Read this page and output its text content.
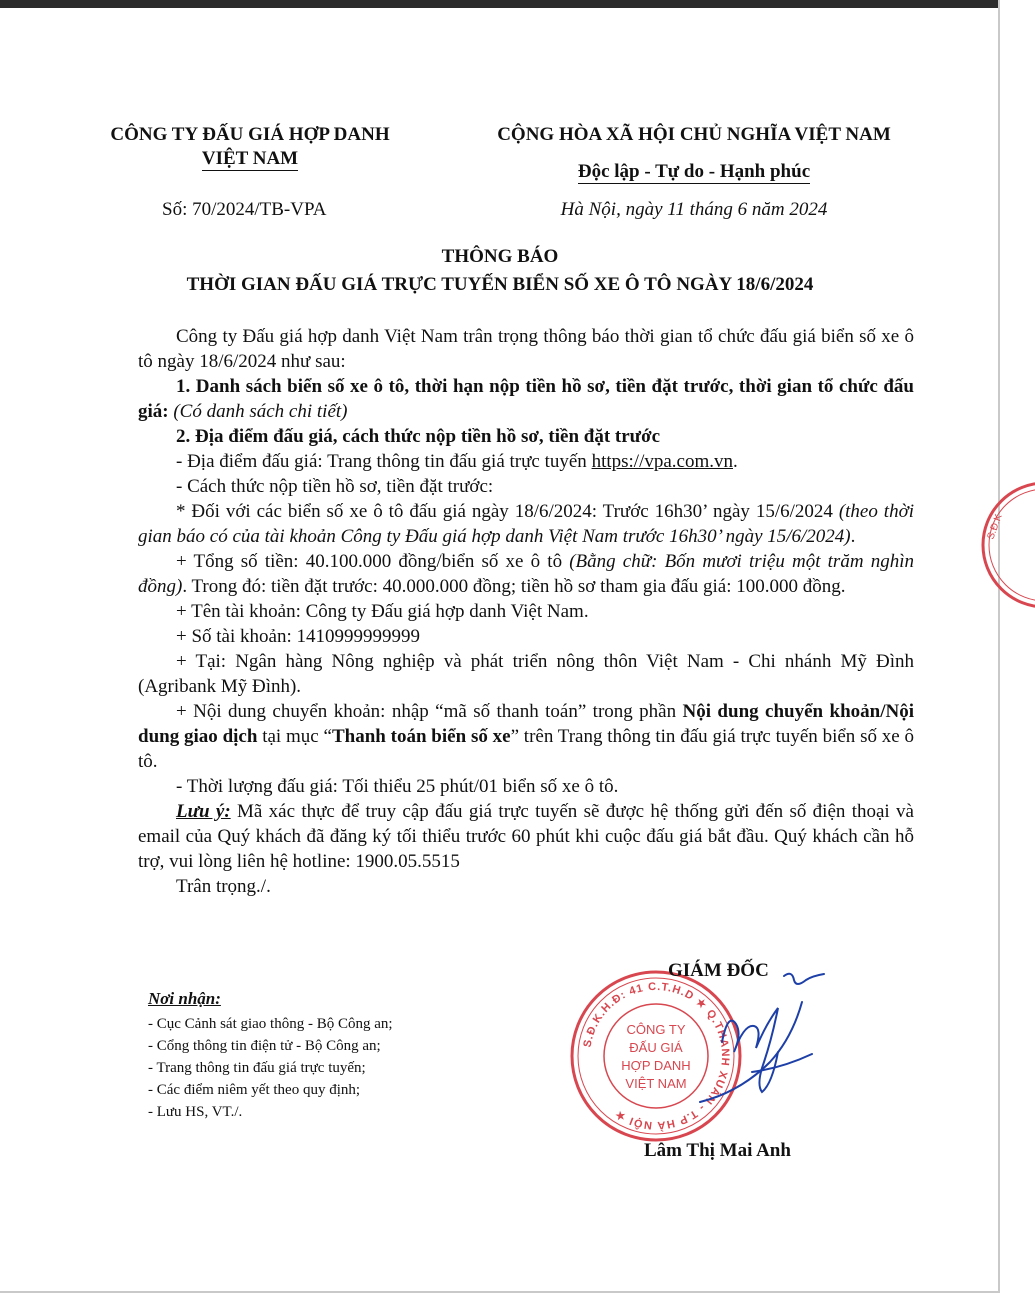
CÔNG TY ĐẤU GIÁ HỢP DANH
VIỆT NAM
Số: 70/2024/TB-VPA
CỘNG HÒA XÃ HỘI CHỦ NGHĨA VIỆT NAM
Độc lập - Tự do - Hạnh phúc
Hà Nội, ngày 11 tháng 6 năm 2024
THÔNG BÁO
THỜI GIAN ĐẤU GIÁ TRỰC TUYẾN BIỂN SỐ XE Ô TÔ NGÀY 18/6/2024

Công ty Đấu giá hợp danh Việt Nam trân trọng thông báo thời gian tổ chức đấu giá biển số xe ô tô ngày 18/6/2024 như sau:

1. Danh sách biển số xe ô tô, thời hạn nộp tiền hồ sơ, tiền đặt trước, thời gian tổ chức đấu giá: (Có danh sách chi tiết)

2. Địa điểm đấu giá, cách thức nộp tiền hồ sơ, tiền đặt trước

- Địa điểm đấu giá: Trang thông tin đấu giá trực tuyến https://vpa.com.vn.

- Cách thức nộp tiền hồ sơ, tiền đặt trước:

* Đối với các biển số xe ô tô đấu giá ngày 18/6/2024: Trước 16h30’ ngày 15/6/2024 (theo thời gian báo có của tài khoản Công ty Đấu giá hợp danh Việt Nam trước 16h30’ ngày 15/6/2024).

+ Tổng số tiền: 40.100.000 đồng/biển số xe ô tô (Bằng chữ: Bốn mươi triệu một trăm nghìn đồng). Trong đó: tiền đặt trước: 40.000.000 đồng; tiền hồ sơ tham gia đấu giá: 100.000 đồng.

+ Tên tài khoản: Công ty Đấu giá hợp danh Việt Nam.

+ Số tài khoản: 1410999999999

+ Tại: Ngân hàng Nông nghiệp và phát triển nông thôn Việt Nam - Chi nhánh Mỹ Đình (Agribank Mỹ Đình).

+ Nội dung chuyển khoản: nhập “mã số thanh toán” trong phần Nội dung chuyển khoản/Nội dung giao dịch tại mục “Thanh toán biển số xe” trên Trang thông tin đấu giá trực tuyến biển số xe ô tô.

- Thời lượng đấu giá: Tối thiểu 25 phút/01 biển số xe ô tô.

Lưu ý: Mã xác thực để truy cập đấu giá trực tuyến sẽ được hệ thống gửi đến số điện thoại và email của Quý khách đã đăng ký tối thiểu trước 60 phút khi cuộc đấu giá bắt đầu. Quý khách cần hỗ trợ, vui lòng liên hệ hotline: 1900.05.5515

Trân trọng./.

Nơi nhận:
- Cục Cảnh sát giao thông - Bộ Công an;
- Cổng thông tin điện tử - Bộ Công an;
- Trang thông tin đấu giá trực tuyến;
- Các điểm niêm yết theo quy định;
- Lưu HS, VT./.
S.Đ.K.H.Đ: 41 C.T.H.D ★ Q.THANH XUÂN - T.P HÀ NỘI ★
CÔNG TY
ĐẤU GIÁ
HỢP DANH
VIỆT NAM
S.Đ.K
GIÁM ĐỐC
Lâm Thị Mai Anh
